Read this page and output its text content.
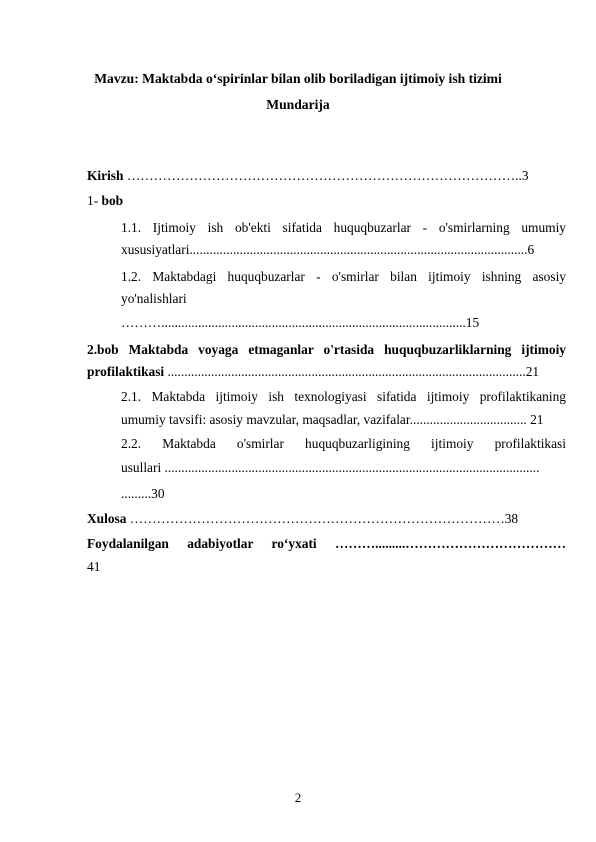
Mavzu: Maktabda o‘spirinlar bilan olib boriladigan ijtimoiy ish tizimi
Mundarija
Kirish ……………………………………………………………………………..3
1- bob
1.1. Ijtimoiy ish ob'ekti sifatida huquqbuzarlar - o'smirlarning umumiy
xususiyatlari.....................................................................................................6
1.2. Maktabdagi huquqbuzarlar - o'smirlar bilan ijtimoiy ishning asosiy
yo'nalishlari
………...........................................................................................15
2.bob Maktabda voyaga etmaganlar o'rtasida huquqbuzarliklarning ijtimoiy
profilaktikasi ...........................................................................................................21
2.1. Maktabda ijtimoiy ish texnologiyasi sifatida ijtimoiy profilaktikaning
umumiy tavsifi: asosiy mavzular, maqsadlar, vazifalar................................... 21
2.2. Maktabda o'smirlar huquqbuzarligining ijtimoiy profilaktikasi
usullari ................................................................................................................
.........30
Xulosa …………………………………………………………………………38
Foydalanilgan adabiyotlar ro‘yxati ……….........………………………………
41
2
